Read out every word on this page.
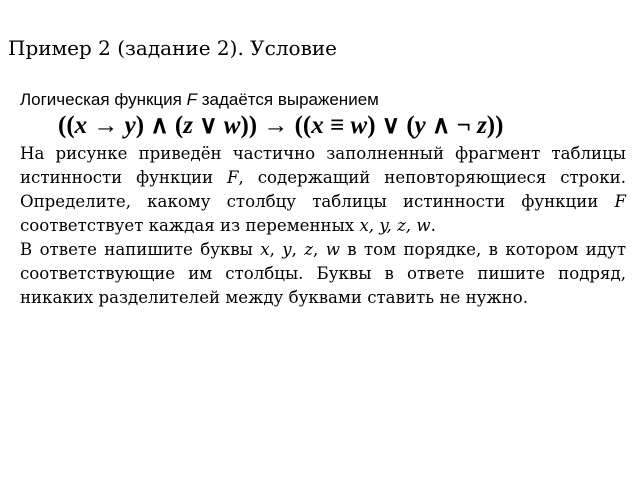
Пример 2 (задание 2). Условие

Логическая функция F задаётся выражением

((x → y) ∧ (z ∨ w)) → ((x ≡ w) ∨ (y ∧ ¬ z))

На рисунке приведён частично заполненный фрагмент таблицы истинности функции F, содержащий неповторяющиеся строки. Определите, какому столбцу таблицы истинности функции F соответствует каждая из переменных x, y, z, w.

В ответе напишите буквы x, y, z, w в том порядке, в котором идут соответствующие им столбцы. Буквы в ответе пишите подряд, никаких разделителей между буквами ставить не нужно.
